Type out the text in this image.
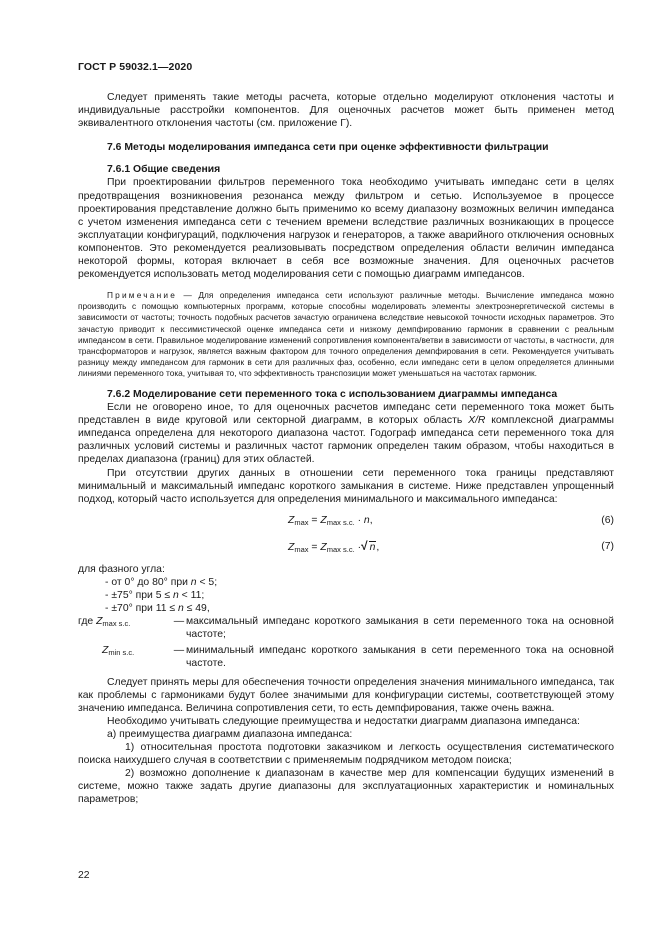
ГОСТ Р 59032.1—2020

Следует применять такие методы расчета, которые отдельно моделируют отклонения частоты и индивидуальные расстройки компонентов. Для оценочных расчетов может быть применен метод эквивалентного отклонения частоты (см. приложение Г).

7.6 Методы моделирования импеданса сети при оценке эффективности фильтрации

7.6.1 Общие сведения

При проектировании фильтров переменного тока необходимо учитывать импеданс сети в целях предотвращения возникновения резонанса между фильтром и сетью. Используемое в процессе проектирования представление должно быть применимо ко всему диапазону возможных величин импеданса с учетом изменения импеданса сети с течением времени вследствие различных возникающих в процессе эксплуатации конфигураций, подключения нагрузок и генераторов, а также аварийного отключения основных компонентов. Это рекомендуется реализовывать посредством определения области величин импеданса некоторой формы, которая включает в себя все возможные значения. Для оценочных расчетов рекомендуется использовать метод моделирования сети с помощью диаграмм импедансов.

Примечание — Для определения импеданса сети используют различные методы. Вычисление импеданса можно производить с помощью компьютерных программ, которые способны моделировать элементы электроэнергетической системы в зависимости от частоты; точность подобных расчетов зачастую ограничена вследствие невысокой точности исходных параметров. Это зачастую приводит к пессимистической оценке импеданса сети и низкому демпфированию гармоник в сравнении с реальным импедансом в сети. Правильное моделирование изменений сопротивления компонента/ветви в зависимости от частоты, в частности, для трансформаторов и нагрузок, является важным фактором для точного определения демпфирования в сети. Рекомендуется учитывать разницу между импедансом для гармоник в сети для различных фаз, особенно, если импеданс сети в целом определяется длинными линиями переменного тока, учитывая то, что эффективность транспозиции может уменьшаться на частотах гармоник.

7.6.2 Моделирование сети переменного тока с использованием диаграммы импеданса

Если не оговорено иное, то для оценочных расчетов импеданс сети переменного тока может быть представлен в виде круговой или секторной диаграмм, в которых область X/R комплексной диаграммы импеданса определена для некоторого диапазона частот. Годограф импеданса сети переменного тока для различных условий системы и различных частот гармоник определен таким образом, чтобы находиться в пределах диапазона (границ) для этих областей.

При отсутствии других данных в отношении сети переменного тока границы представляют минимальный и максимальный импеданс короткого замыкания в системе. Ниже представлен упрощенный подход, который часто используется для определения минимального и максимального импеданса:

$Z_{max} = Z_{max s.c.} \cdot n$,	(6)
$Z_{max} = Z_{max s.c.}$ ·√ n,	(7)

для фазного угла:

- от 0° до 80° при n < 5;

- ±75° при 5 ≤ n < 11;

- ±70° при 11 ≤ n ≤ 49,

где $Z_{max s.c.}$	— максимальный импеданс короткого замыкания в сети переменного тока на основной частоте;
$Z_{min s.c.}$	— минимальный импеданс короткого замыкания в сети переменного тока на основной частоте.

Следует принять меры для обеспечения точности определения значения минимального импеданса, так как проблемы с гармониками будут более значимыми для конфигурации системы, соответствующей этому значению импеданса. Величина сопротивления сети, то есть демпфирования, также очень важна.

Необходимо учитывать следующие преимущества и недостатки диаграмм диапазона импеданса:

а) преимущества диаграмм диапазона импеданса:

1) относительная простота подготовки заказчиком и легкость осуществления систематического поиска наихудшего случая в соответствии с применяемым подрядчиком методом поиска;

2) возможно дополнение к диапазонам в качестве мер для компенсации будущих изменений в системе, можно также задать другие диапазоны для эксплуатационных характеристик и номинальных параметров;

22
